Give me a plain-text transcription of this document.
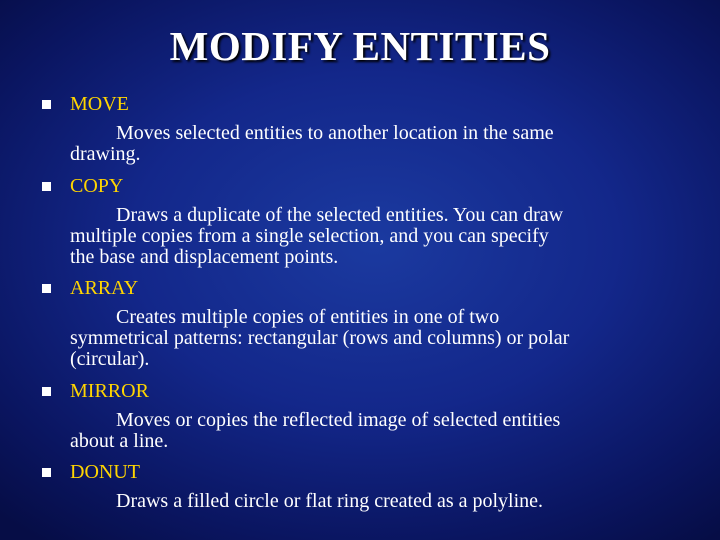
MODIFY ENTITIES
MOVE
Moves selected entities to another location in the same
drawing.
COPY
Draws a duplicate of the selected entities. You can draw
multiple copies from a single selection, and you can specify
the base and displacement points.
ARRAY
Creates multiple copies of entities in one of two
symmetrical patterns: rectangular (rows and columns) or polar
(circular).
MIRROR
Moves or copies the reflected image of selected entities
about a line.
DONUT
Draws a filled circle or flat ring created as a polyline.
